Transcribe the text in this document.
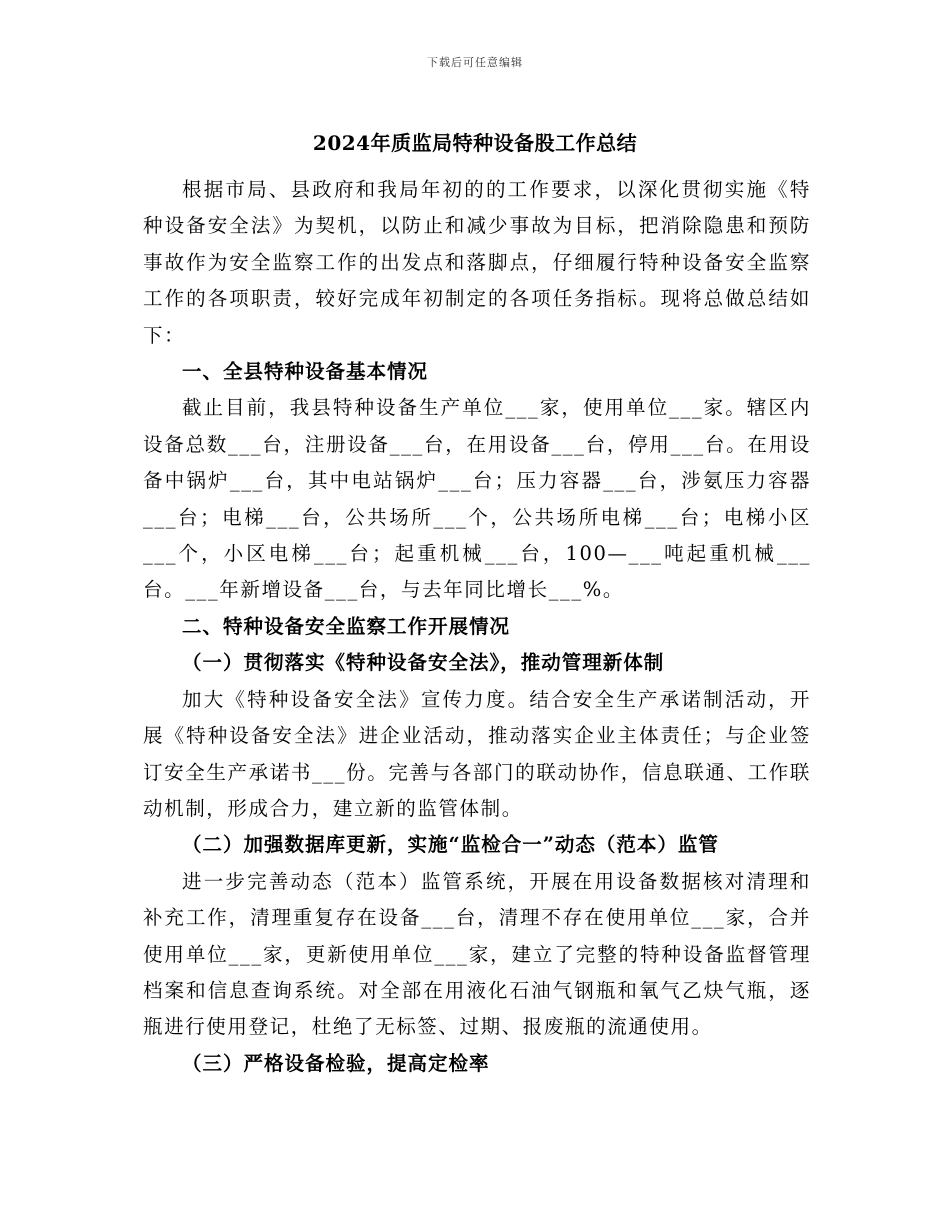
下载后可任意编辑
2024年质监局特种设备股工作总结

根据市局、县政府和我局年初的的工作要求，以深化贯彻实施《特种设备安全法》为契机，以防止和减少事故为目标，把消除隐患和预防事故作为安全监察工作的出发点和落脚点，仔细履行特种设备安全监察工作的各项职责，较好完成年初制定的各项任务指标。现将总做总结如下：

一、全县特种设备基本情况

截止目前，我县特种设备生产单位___家，使用单位___家。辖区内设备总数___台，注册设备___台，在用设备___台，停用___台。在用设备中锅炉___台，其中电站锅炉___台；压力容器___台，涉氨压力容器___台；电梯___台，公共场所___个，公共场所电梯___台；电梯小区___个，小区电梯___台；起重机械___台，100—___吨起重机械___台。___年新增设备___台，与去年同比增长___%。

二、特种设备安全监察工作开展情况

（一）贯彻落实《特种设备安全法》，推动管理新体制

加大《特种设备安全法》宣传力度。结合安全生产承诺制活动，开展《特种设备安全法》进企业活动，推动落实企业主体责任；与企业签订安全生产承诺书___份。完善与各部门的联动协作，信息联通、工作联动机制，形成合力，建立新的监管体制。

（二）加强数据库更新，实施“监检合一”动态（范本）监管

进一步完善动态（范本）监管系统，开展在用设备数据核对清理和补充工作，清理重复存在设备___台，清理不存在使用单位___家，合并使用单位___家，更新使用单位___家，建立了完整的特种设备监督管理档案和信息查询系统。对全部在用液化石油气钢瓶和氧气乙炔气瓶，逐瓶进行使用登记，杜绝了无标签、过期、报废瓶的流通使用。

（三）严格设备检验，提高定检率
